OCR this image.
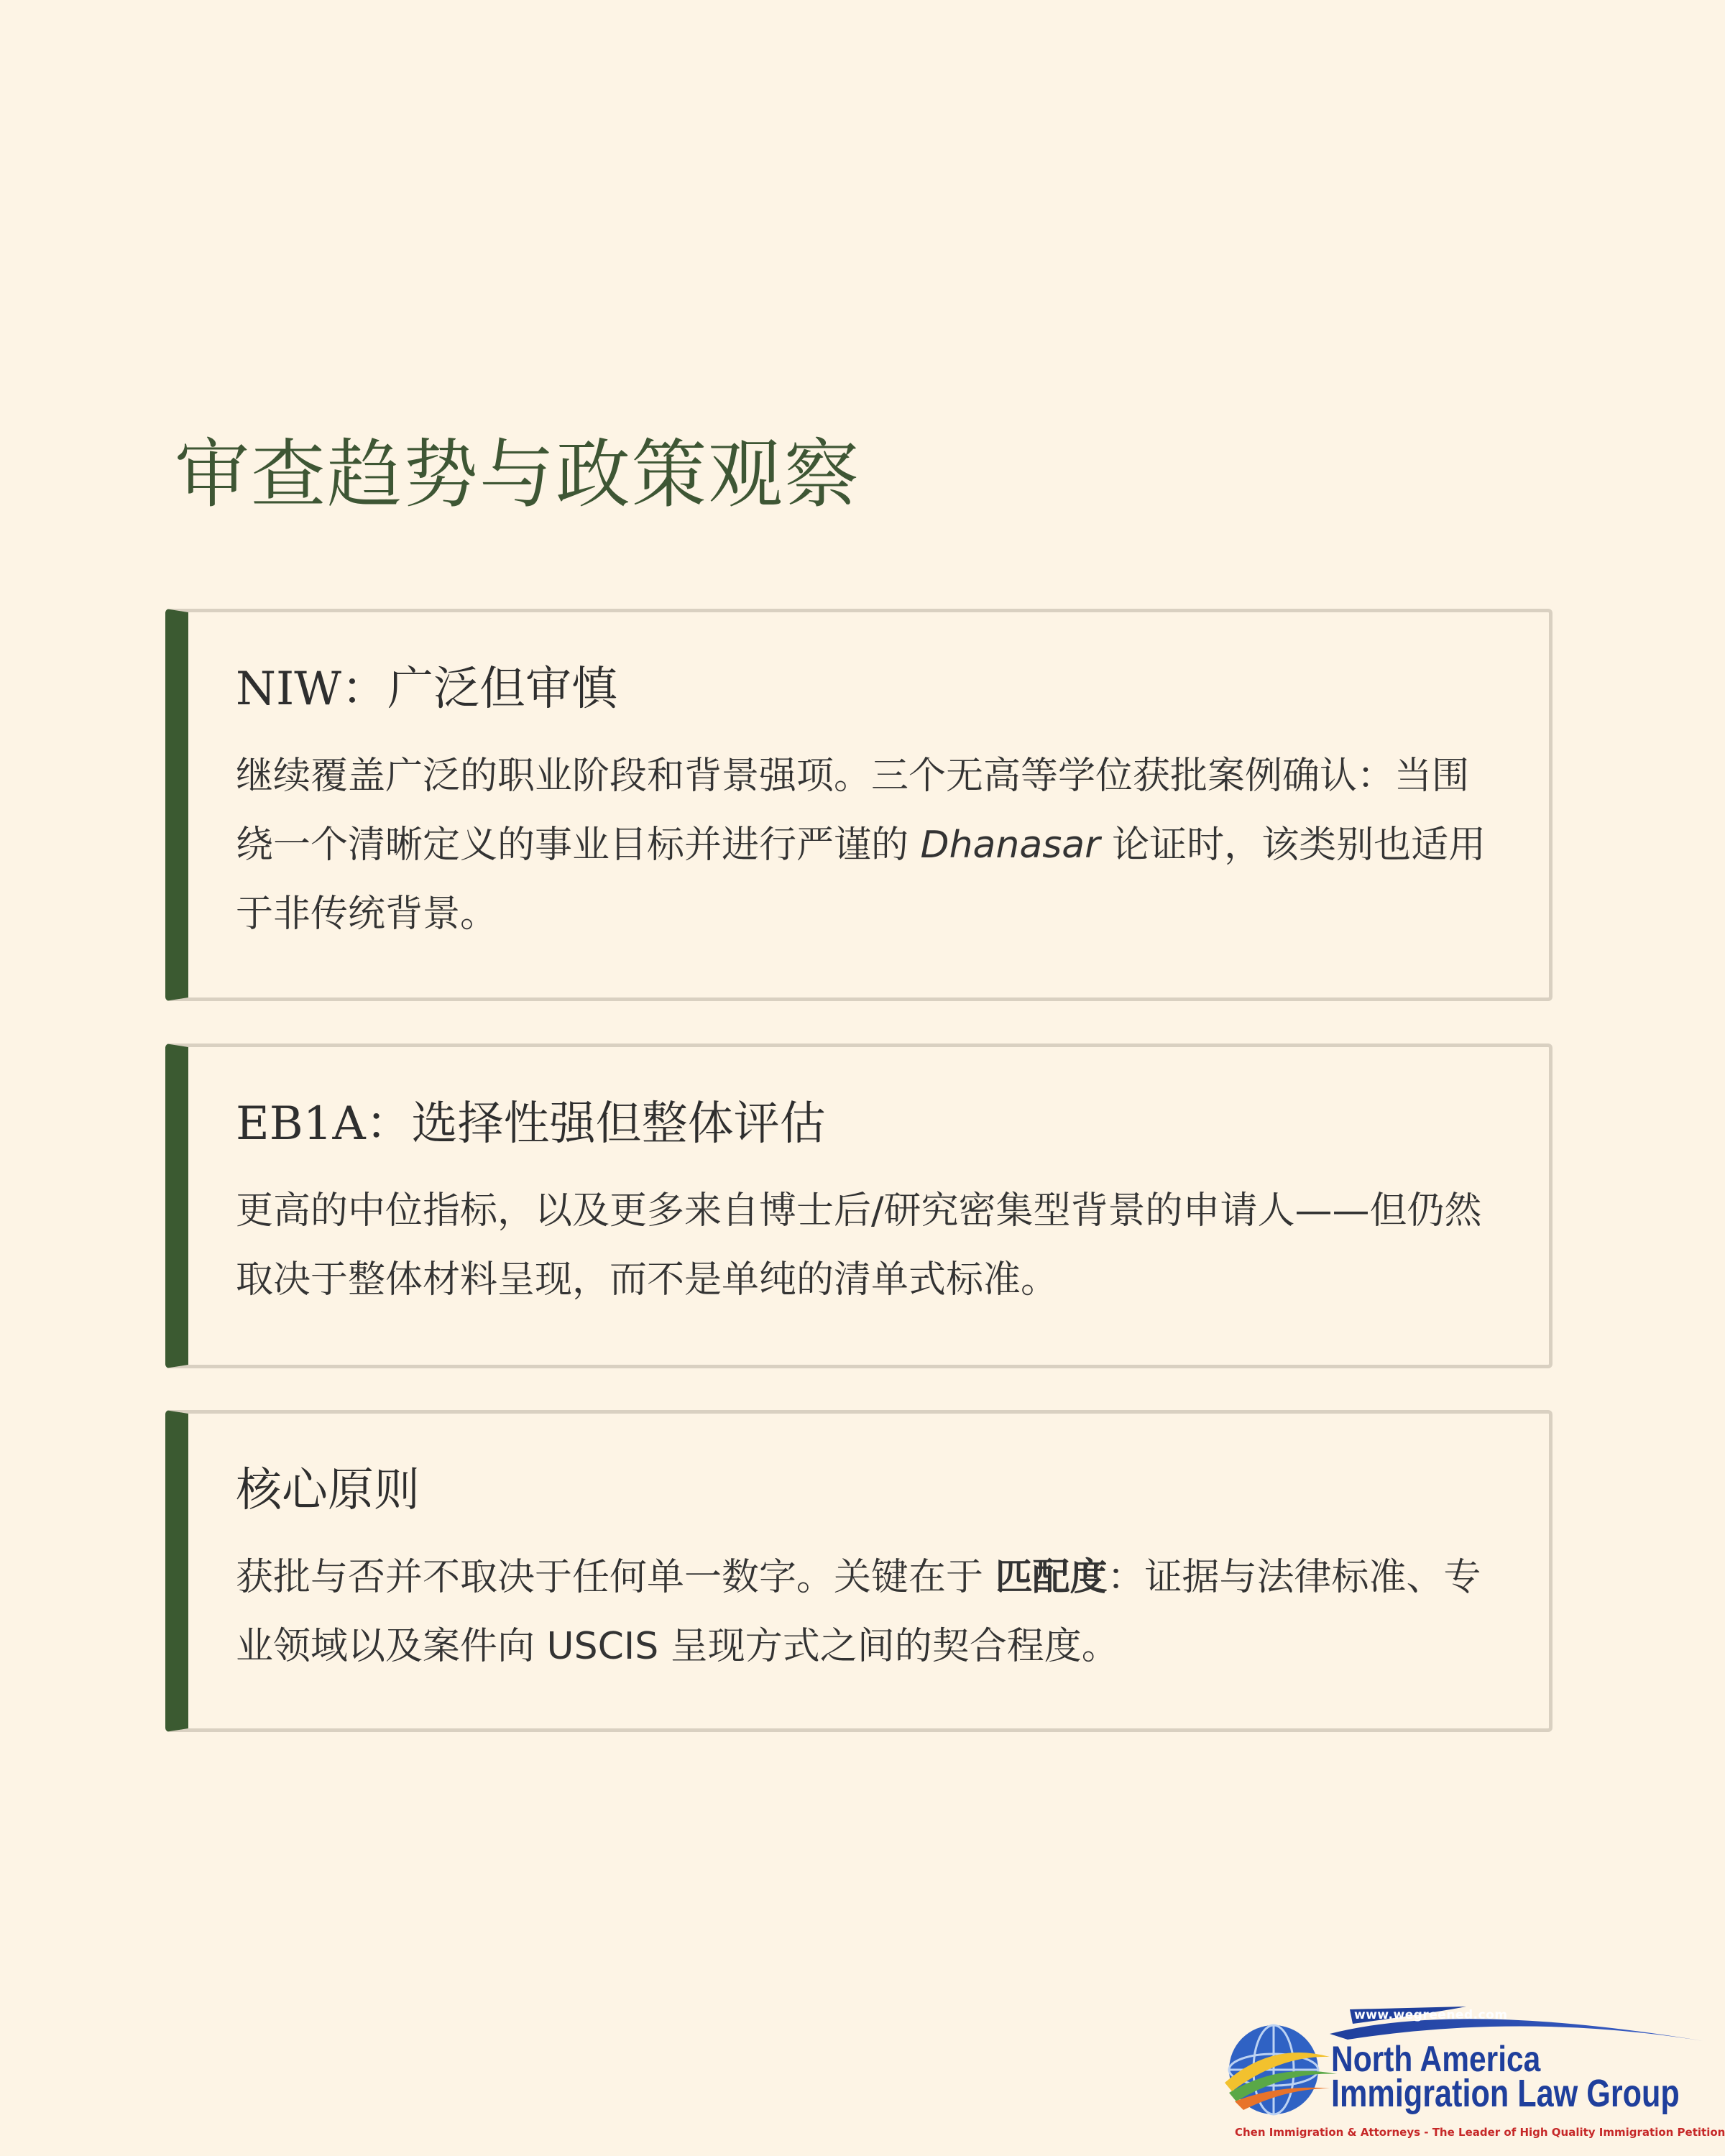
审查趋势与政策观察
NIW：广泛但审慎

继续覆盖广泛的职业阶段和背景强项。三个无高等学位获批案例确认：当围绕一个清晰定义的事业目标并进行严谨的 Dhanasar 论证时，该类别也适用于非传统背景。

EB1A：选择性强但整体评估

更高的中位指标，以及更多来自博士后/研究密集型背景的申请人——但仍然取决于整体材料呈现，而不是单纯的清单式标准。

核心原则

获批与否并不取决于任何单一数字。关键在于 匹配度：证据与法律标准、专业领域以及案件向 USCIS 呈现方式之间的契合程度。

www.wegreened.com
North America
Immigration Law Group
Chen Immigration & Attorneys - The Leader of High Quality Immigration Petition
